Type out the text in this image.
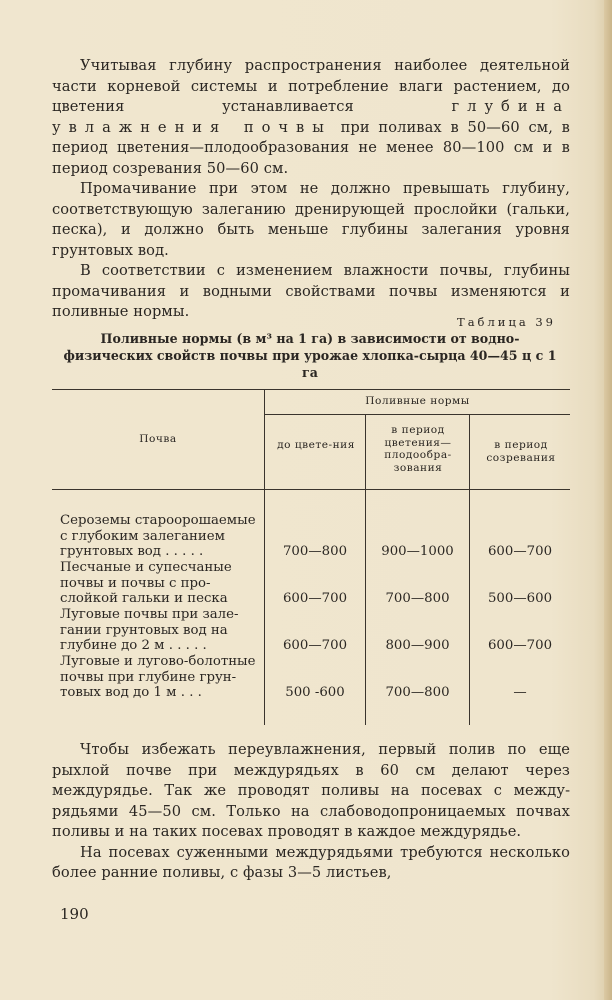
Учитывая глубину распространения наиболее деятельной части корневой системы и потребление влаги растением, до цветения устанавливается	глубина увлажнения почвы при поливах в 50—60 см, в период цветения—плодообразования не менее 80—100 см и в период созревания 50—60 см.

Промачивание при этом не должно превышать глубину, соответствующую залеганию дренирующей прослойки (гальки, песка), и должно быть меньше глубины залегания уровня грунтовых вод.

В соответствии с изменением влажности почвы, глубины промачивания и водными свойствами почвы изменяются и поливные нормы.

Таблица 39
Поливные нормы (в м³ на 1 га) в зависимости от водно-физических свойств почвы при урожае хлопка-сырца 40—45 ц с 1 га
Почва
Поливные нормы
до цвете-ния
в период цветения—плодообра-зования
в период созревания
Сероземы староорошаемые с глубоким залеганием грунтовых вод . . . . .	700—800	900—1000	600—700
Песчаные и супесчаные почвы и почвы с про-слойкой гальки и песка	600—700	700—800	500—600
Луговые почвы при зале-гании грунтовых вод на глубине до 2 м . . . . .	600—700	800—900	600—700
Луговые и лугово-болотные почвы при глубине грун-товых вод до 1 м . . .	500 -600	700—800	—

Чтобы избежать переувлажнения, первый полив по еще рыхлой почве при междурядьях в 60 см делают через междурядье. Так же проводят поливы на посевах с междурядьями 45—50 см. Только на слабоводопроницаемых почвах поливы и на таких посевах проводят в каждое междурядье.

На посевах суженными междурядьями требуются несколько более ранние поливы, с фазы 3—5 листьев,

190
